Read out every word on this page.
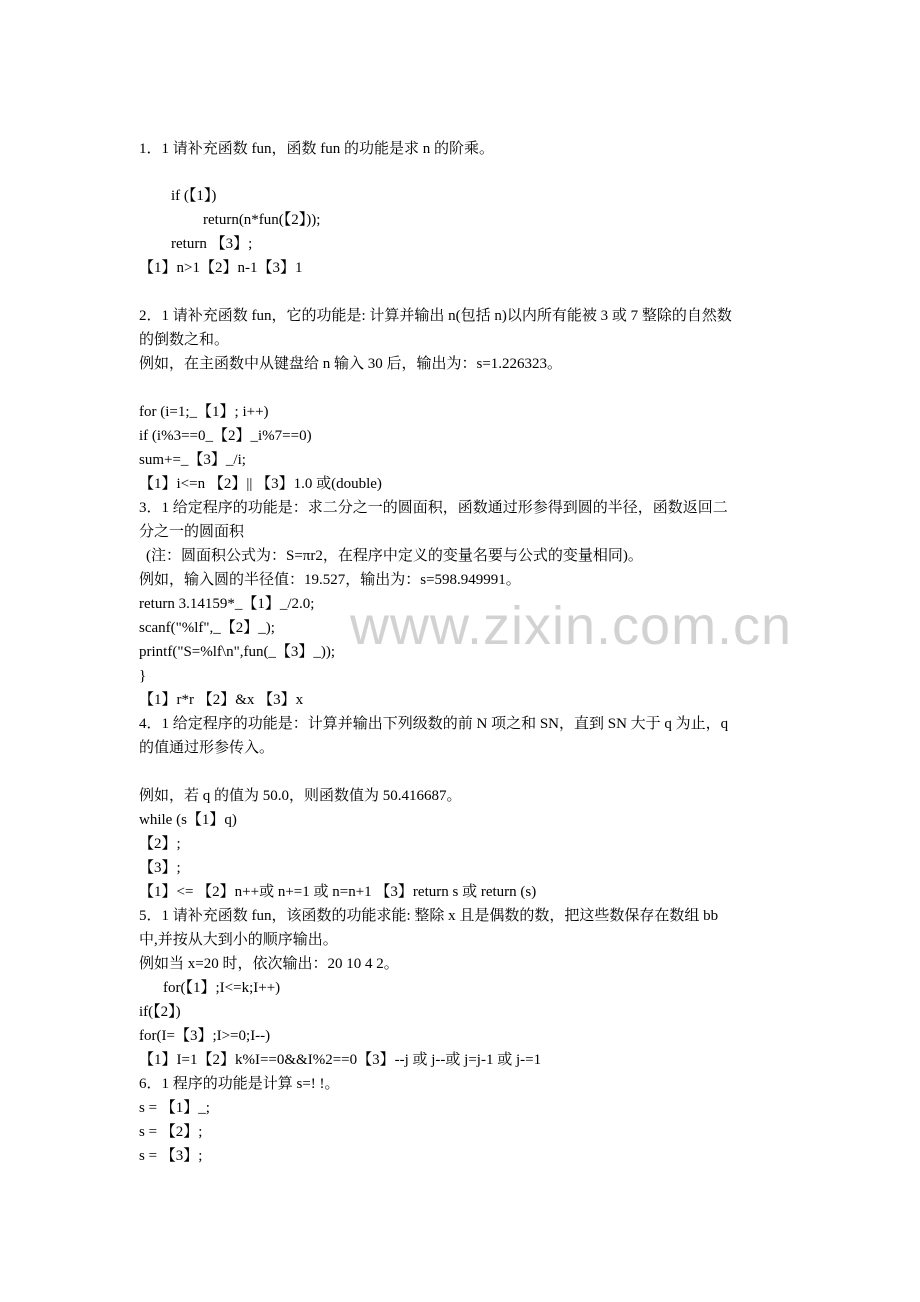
www.zixin.com.cn
1．1 请补充函数 fun，函数 fun 的功能是求 n 的阶乘。
if (【1】)
return(n*fun(【2】));
return 【3】;
【1】n>1【2】n-1【3】1
2．1 请补充函数 fun，它的功能是: 计算并输出 n(包括 n)以内所有能被 3 或 7 整除的自然数
的倒数之和。
例如，在主函数中从键盘给 n 输入 30 后，输出为：s=1.226323。
for (i=1;_【1】; i++)
if (i%3==0_【2】_i%7==0)
sum+=_【3】_/i;
【1】i<=n 【2】|| 【3】1.0 或(double)
3．1 给定程序的功能是：求二分之一的圆面积，函数通过形参得到圆的半径，函数返回二
分之一的圆面积
(注：圆面积公式为：S=πr2，在程序中定义的变量名要与公式的变量相同)。
例如，输入圆的半径值：19.527，输出为：s=598.949991。
return 3.14159*_【1】_/2.0;
scanf("%lf",_【2】_);
printf("S=%lf\n",fun(_【3】_));
}
【1】r*r 【2】&x 【3】x
4．1 给定程序的功能是：计算并输出下列级数的前 N 项之和 SN，直到 SN 大于 q 为止，q
的值通过形参传入。
例如，若 q 的值为 50.0，则函数值为 50.416687。
while (s【1】q)
【2】;
【3】;
【1】<= 【2】n++或 n+=1 或 n=n+1 【3】return s 或 return (s)
5．1 请补充函数 fun，该函数的功能求能: 整除 x 且是偶数的数，把这些数保存在数组 bb
中,并按从大到小的顺序输出。
例如当 x=20 时，依次输出：20 10 4 2。
for(【1】;I<=k;I++)
if(【2】)
for(I=【3】;I>=0;I--)
【1】I=1【2】k%I==0&&I%2==0【3】--j 或 j--或 j=j-1 或 j-=1
6．1 程序的功能是计算 s=! !。
s = 【1】_;
s = 【2】;
s = 【3】;
